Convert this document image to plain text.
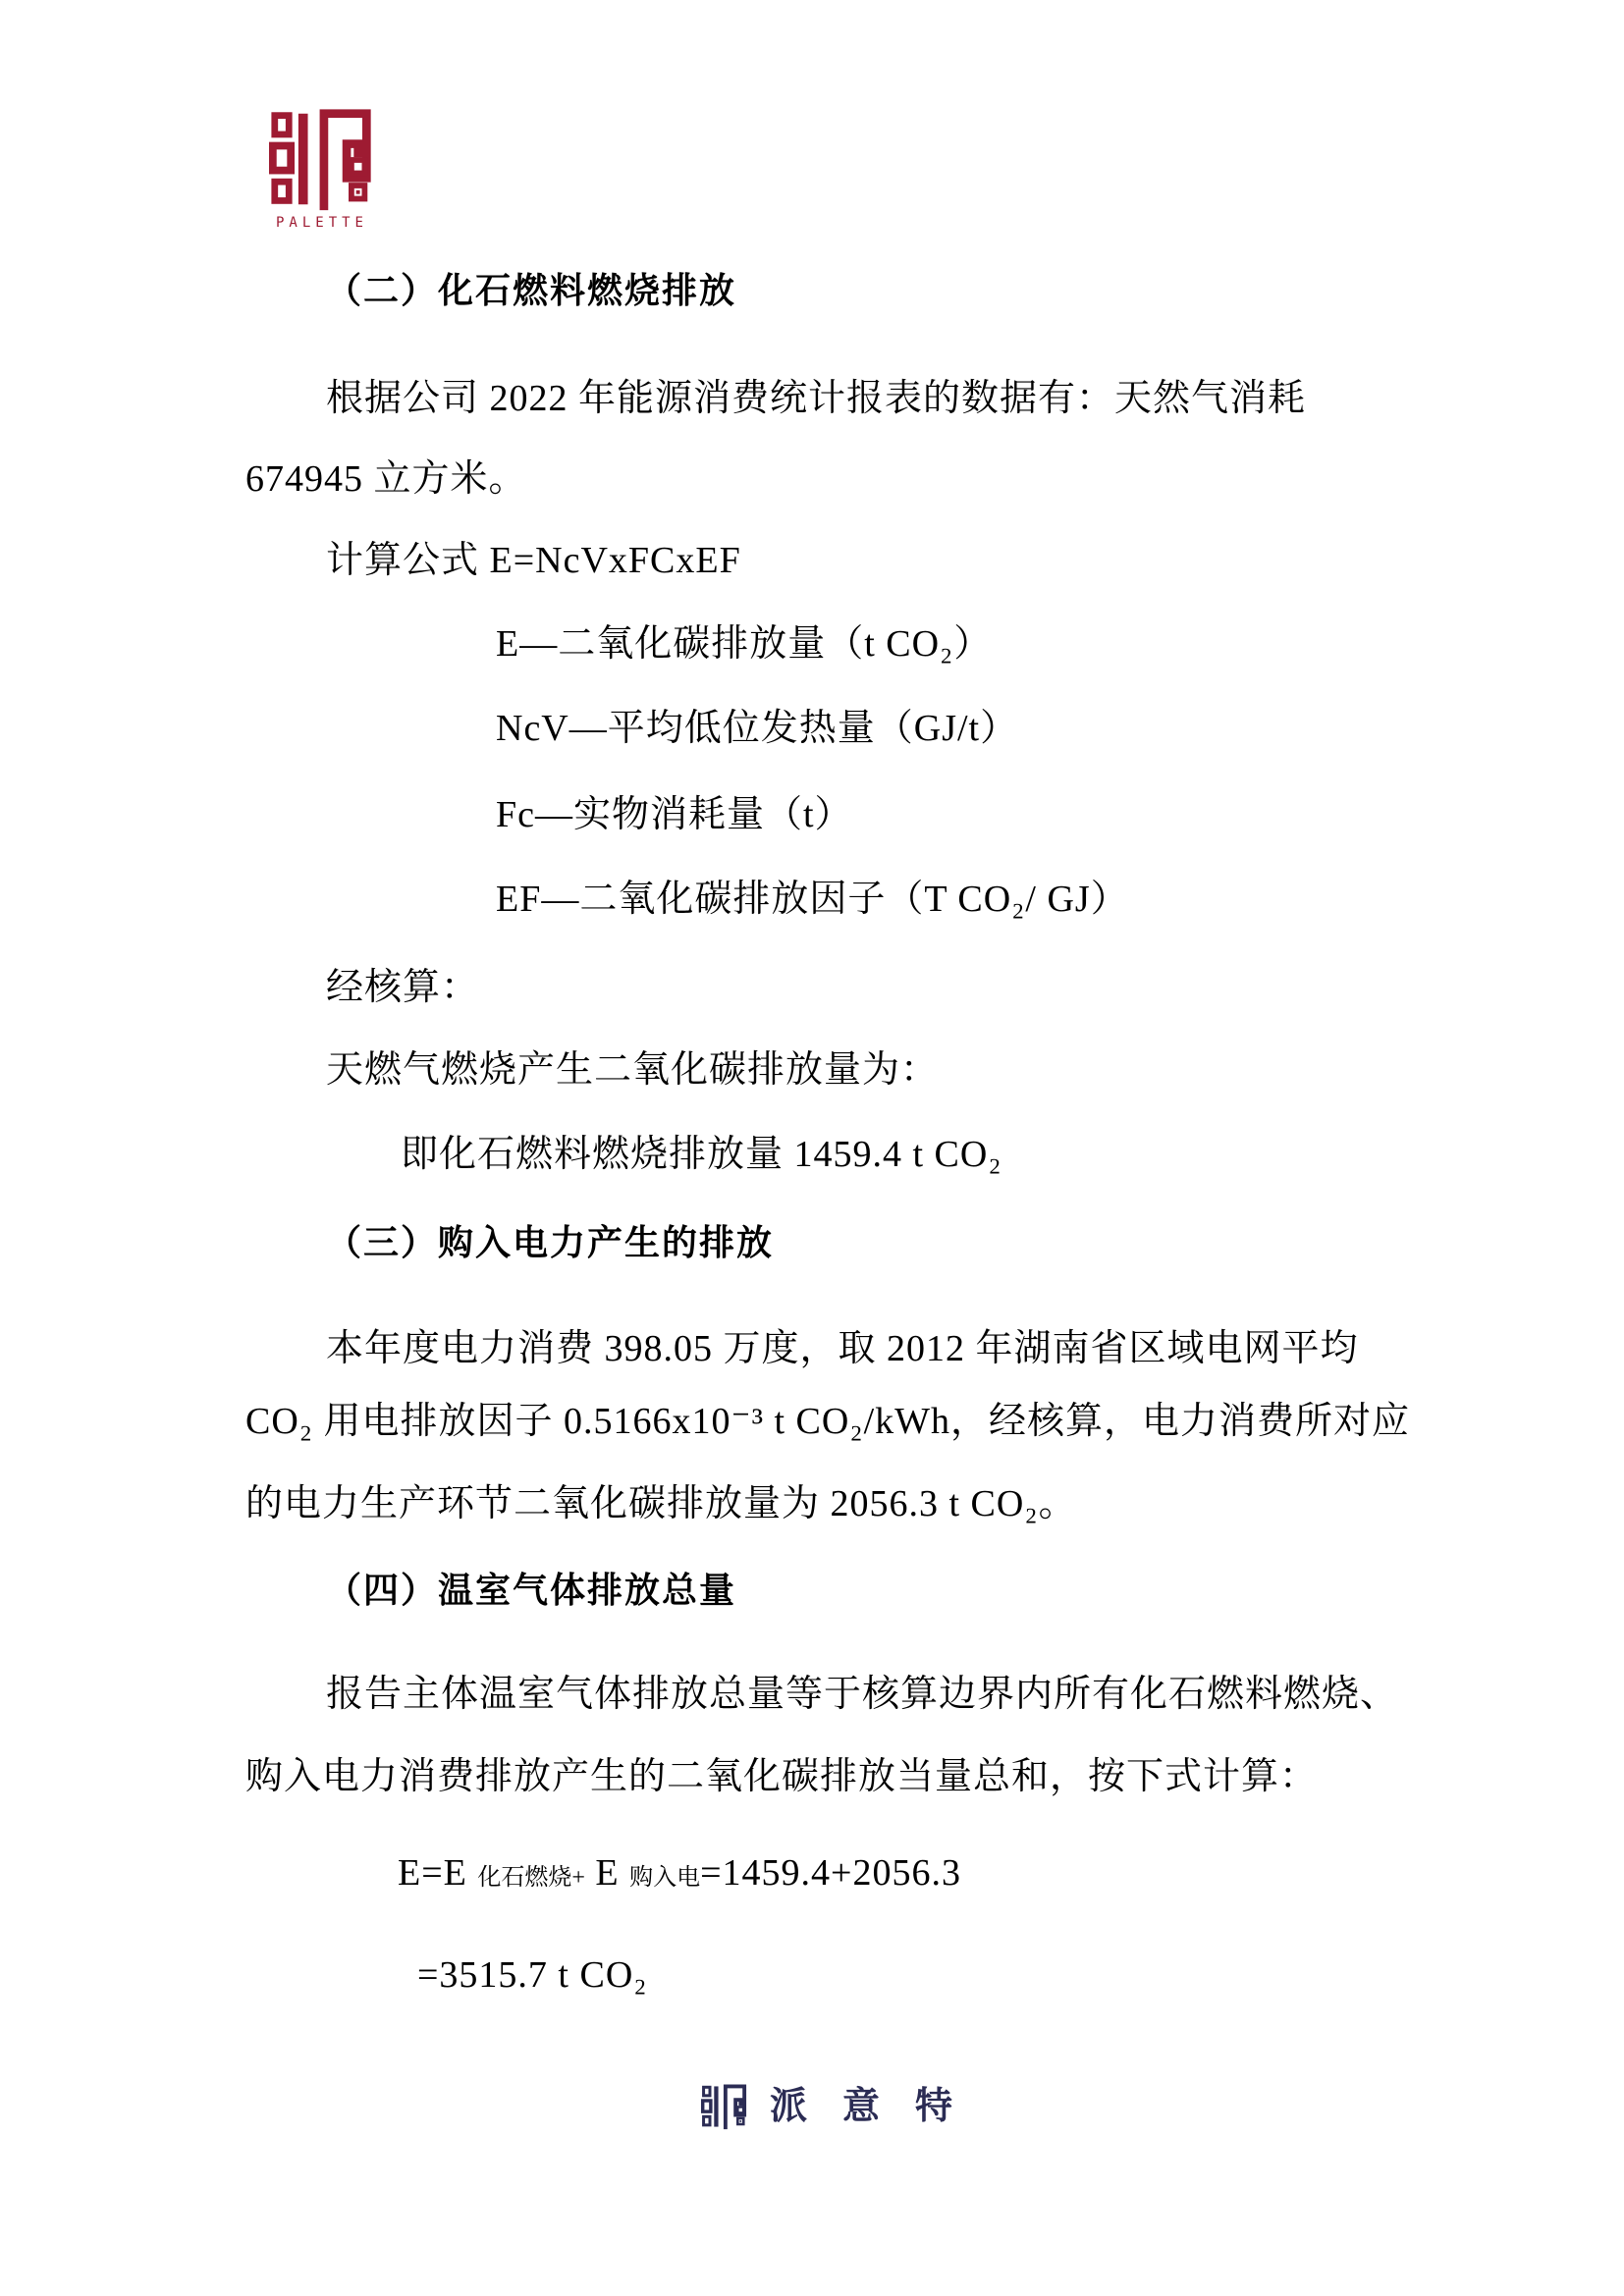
PALETTE
（二）化石燃料燃烧排放
根据公司 2022 年能源消费统计报表的数据有：天然气消耗
674945 立方米。
计算公式 E=NcVxFCxEF
E—二氧化碳排放量（t CO₂）
NcV—平均低位发热量（GJ/t）
Fc—实物消耗量（t）
EF—二氧化碳排放因子（T CO₂/ GJ）
经核算：
天燃气燃烧产生二氧化碳排放量为：
即化石燃料燃烧排放量 1459.4 t CO₂
（三）购入电力产生的排放
本年度电力消费 398.05 万度，取 2012 年湖南省区域电网平均
CO₂ 用电排放因子 0.5166x10⁻³ t CO₂/kWh，经核算，电力消费所对应
的电力生产环节二氧化碳排放量为 2056.3 t CO₂。
（四）温室气体排放总量
报告主体温室气体排放总量等于核算边界内所有化石燃料燃烧、
购入电力消费排放产生的二氧化碳排放当量总和，按下式计算：
E=E 化石燃烧+ E 购入电=1459.4+2056.3
=3515.7 t CO₂
派意特
